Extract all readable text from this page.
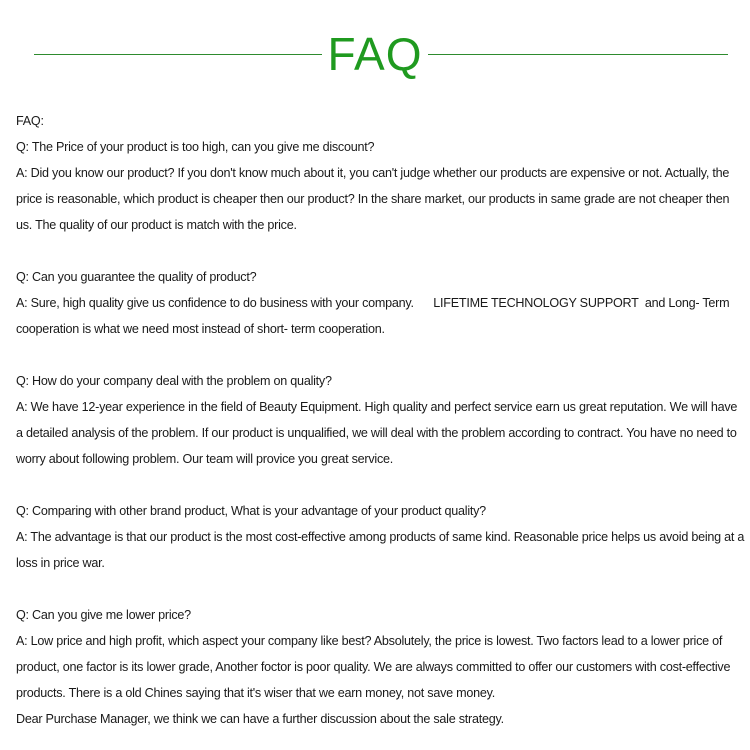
FAQ

FAQ:

Q: The Price of your product is too high, can you give me discount?

A: Did you know our product? If you don't know much about it, you can't judge whether our products are expensive or not. Actually, the price is reasonable, which product is cheaper then our product? In the share market, our products in same grade are not cheaper then us. The quality of our product is match with the price.

Q: Can you guarantee the quality of product?

A: Sure, high quality give us confidence to do business with your company.      LIFETIME TECHNOLOGY SUPPORT  and Long- Term cooperation is what we need most instead of short- term cooperation.

Q: How do your company deal with the problem on quality?

A: We have 12-year experience in the field of Beauty Equipment. High quality and perfect service earn us great reputation. We will have a detailed analysis of the problem. If our product is unqualified, we will deal with the problem according to contract. You have no need to worry about following problem. Our team will provice you great service.

Q: Comparing with other brand product, What is your advantage of your product quality?

A: The advantage is that our product is the most cost-effective among products of same kind. Reasonable price helps us avoid being at a loss in price war.

Q: Can you give me lower price?

A: Low price and high profit, which aspect your company like best? Absolutely, the price is lowest. Two factors lead to a lower price of product, one factor is its lower grade, Another foctor is poor quality. We are always committed to offer our customers with cost-effective products. There is a old Chines saying that it's wiser that we earn money, not save money.

Dear Purchase Manager, we think we can have a further discussion about the sale strategy.
